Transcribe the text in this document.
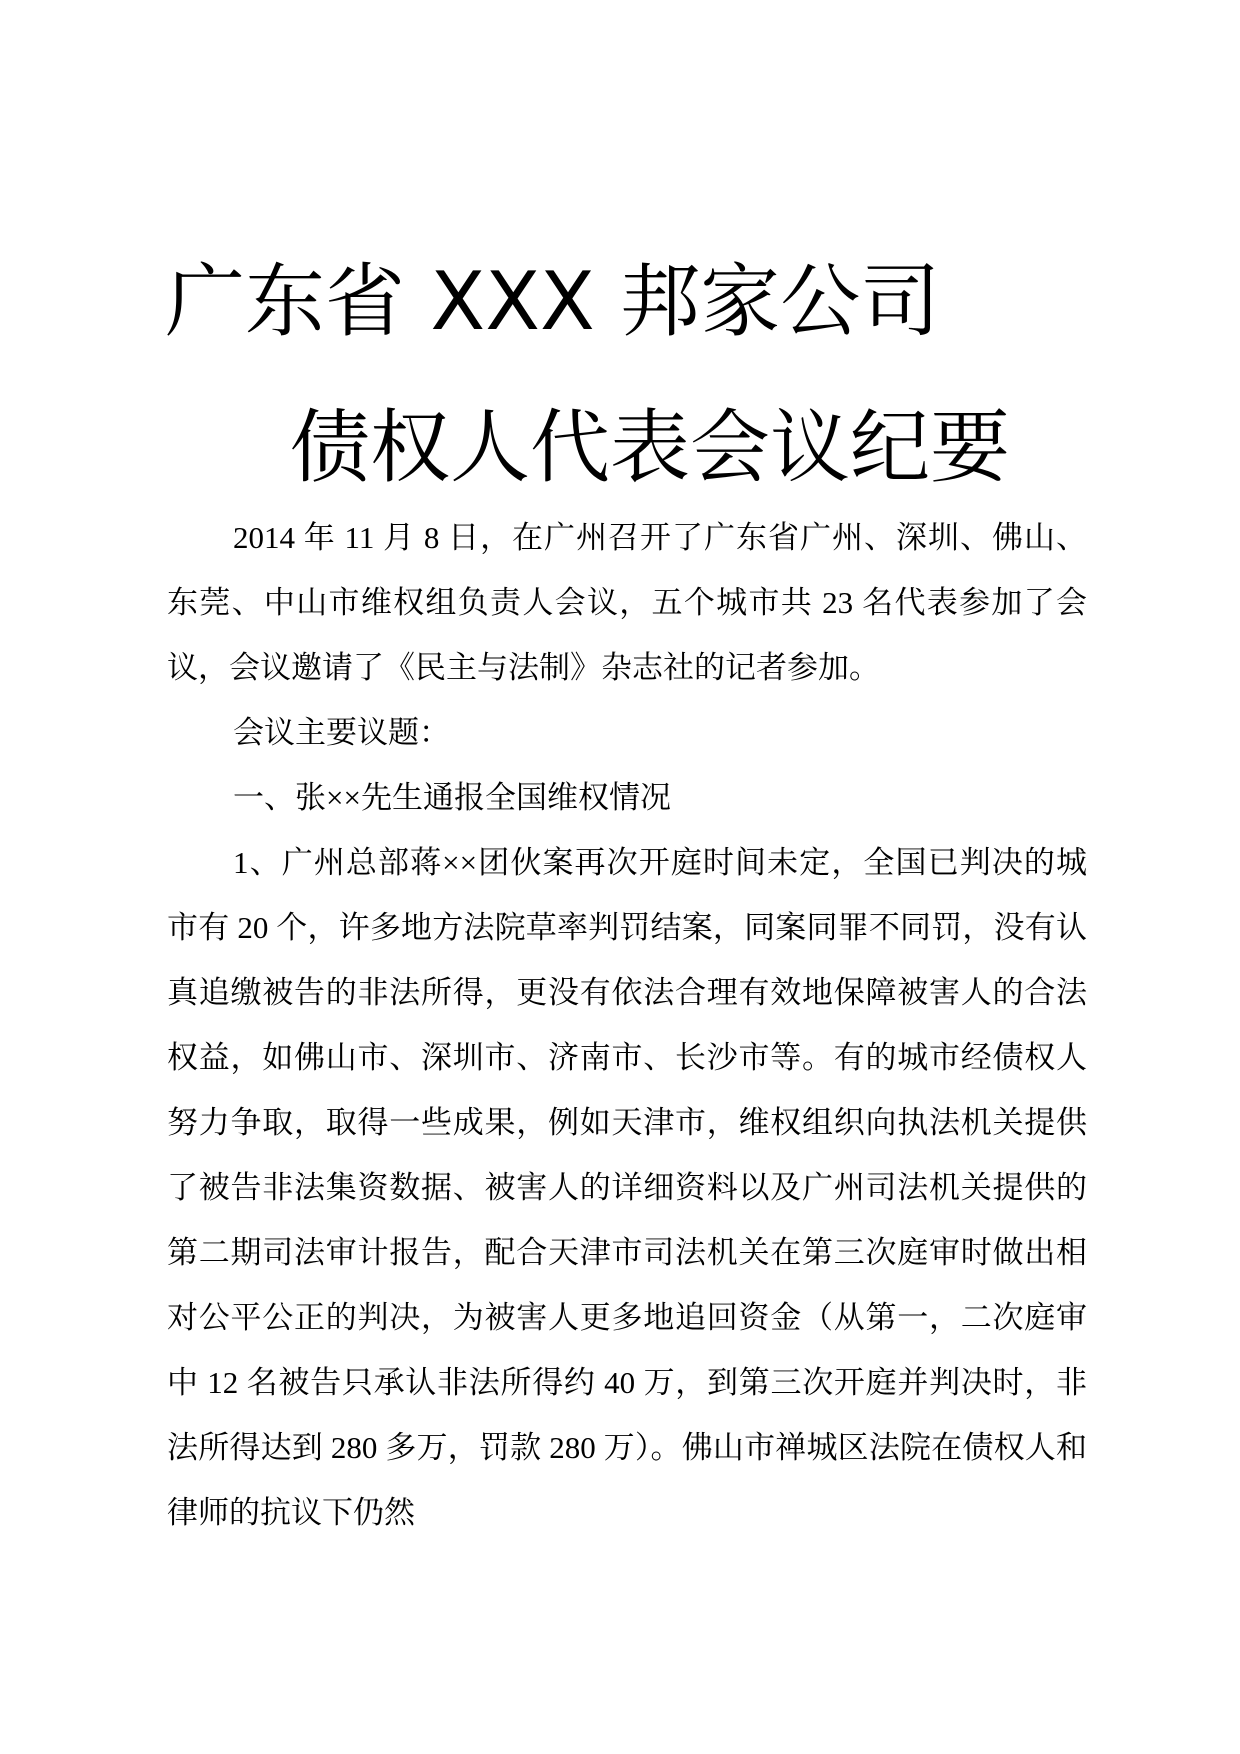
广东省 XXX 邦家公司
债权人代表会议纪要

2014 年 11 月 8 日，在广州召开了广东省广州、深圳、佛山、东莞、中山市维权组负责人会议，五个城市共 23 名代表参加了会议，会议邀请了《民主与法制》杂志社的记者参加。

会议主要议题：

一、张××先生通报全国维权情况

1、广州总部蒋××团伙案再次开庭时间未定，全国已判决的城市有 20 个，许多地方法院草率判罚结案，同案同罪不同罚，没有认真追缴被告的非法所得，更没有依法合理有效地保障被害人的合法权益，如佛山市、深圳市、济南市、长沙市等。有的城市经债权人努力争取，取得一些成果，例如天津市，维权组织向执法机关提供了被告非法集资数据、被害人的详细资料以及广州司法机关提供的第二期司法审计报告，配合天津市司法机关在第三次庭审时做出相对公平公正的判决，为被害人更多地追回资金（从第一，二次庭审中 12 名被告只承认非法所得约 40 万，到第三次开庭并判决时，非法所得达到 280 多万，罚款 280 万）。佛山市禅城区法院在债权人和律师的抗议下仍然
